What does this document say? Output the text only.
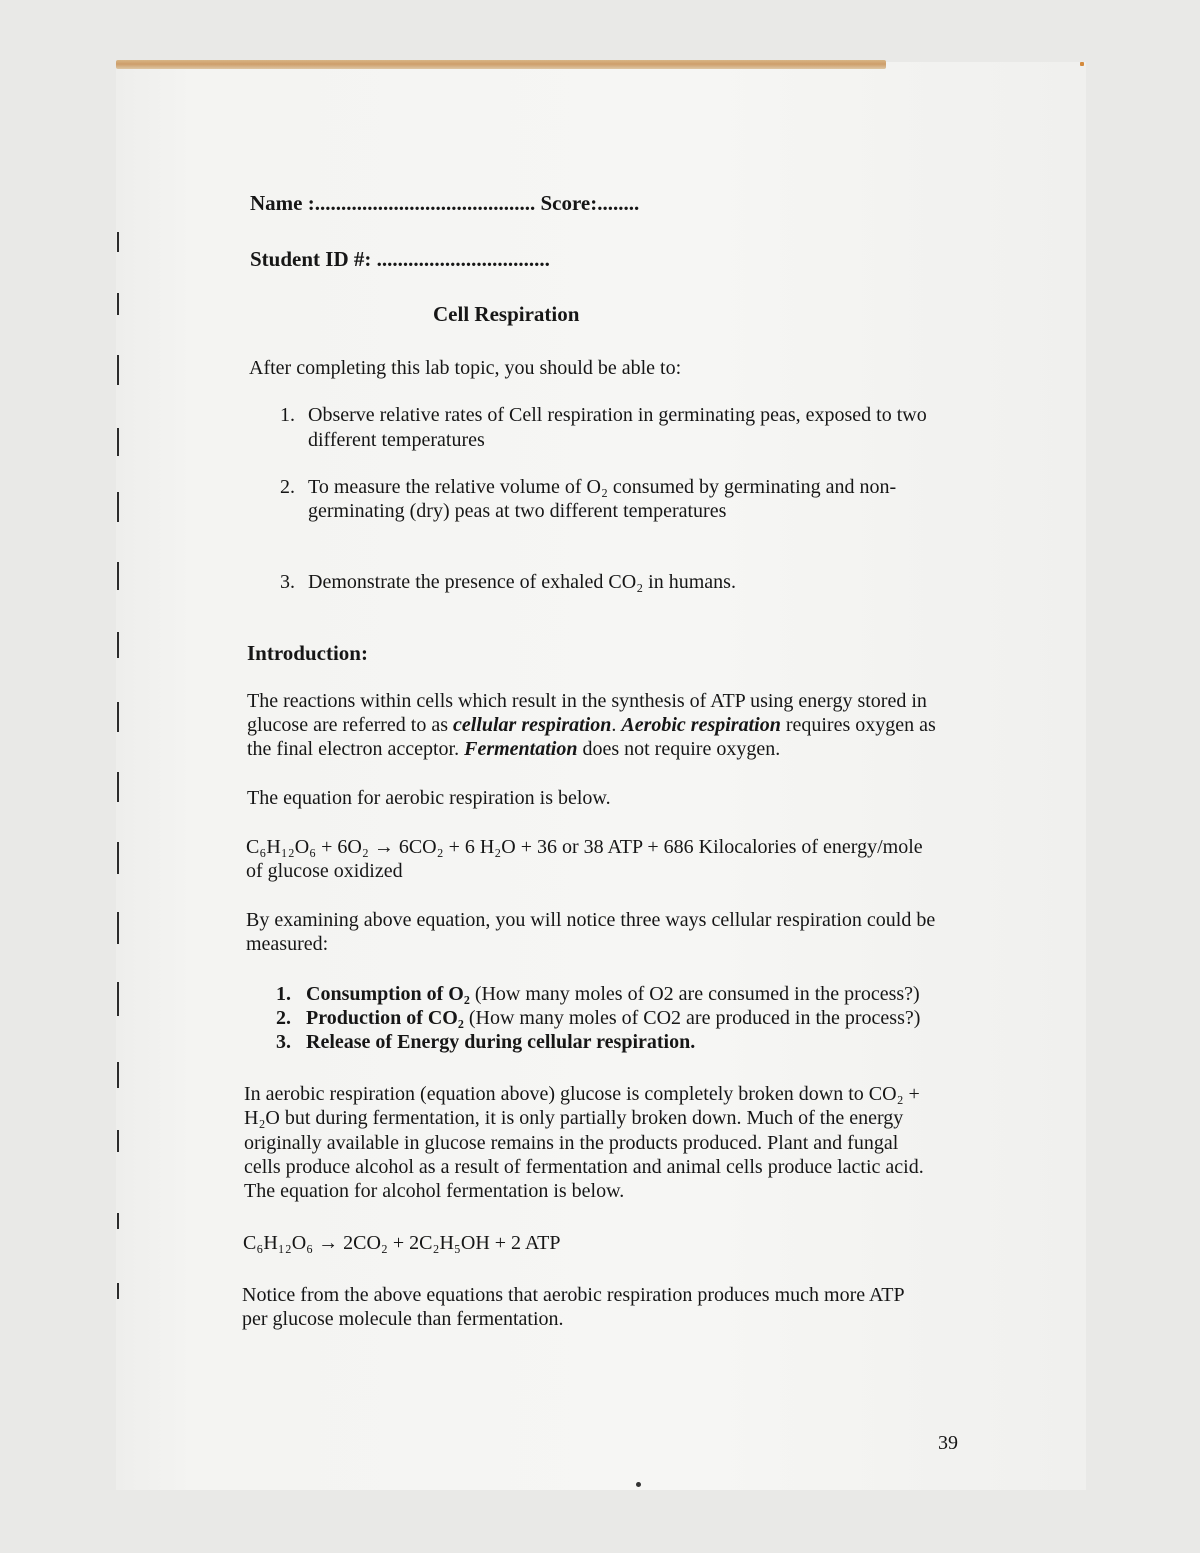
Name :.......................................... Score:........
Student ID #: .................................
Cell Respiration
After completing this lab topic, you should be able to:
1. Observe relative rates of Cell respiration in germinating peas, exposed to two
different temperatures
2. To measure the relative volume of O₂ consumed by germinating and non-
germinating (dry) peas at two different temperatures
3. Demonstrate the presence of exhaled CO₂ in humans.
Introduction:
The reactions within cells which result in the synthesis of ATP using energy stored in
glucose are referred to as cellular respiration. Aerobic respiration requires oxygen as
the final electron acceptor. Fermentation does not require oxygen.
The equation for aerobic respiration is below.
C₆H₁₂O₆ + 6O₂ → 6CO₂ + 6 H₂O + 36 or 38 ATP + 686 Kilocalories of energy/mole
of glucose oxidized
By examining above equation, you will notice three ways cellular respiration could be
measured:
1. Consumption of O₂ (How many moles of O2 are consumed in the process?)
2. Production of CO₂ (How many moles of CO2 are produced in the process?)
3. Release of Energy during cellular respiration.
In aerobic respiration (equation above) glucose is completely broken down to CO₂ +
H₂O but during fermentation, it is only partially broken down. Much of the energy
originally available in glucose remains in the products produced. Plant and fungal
cells produce alcohol as a result of fermentation and animal cells produce lactic acid.
The equation for alcohol fermentation is below.
C₆H₁₂O₆ → 2CO₂ + 2C₂H₅OH + 2 ATP
Notice from the above equations that aerobic respiration produces much more ATP
per glucose molecule than fermentation.
39
